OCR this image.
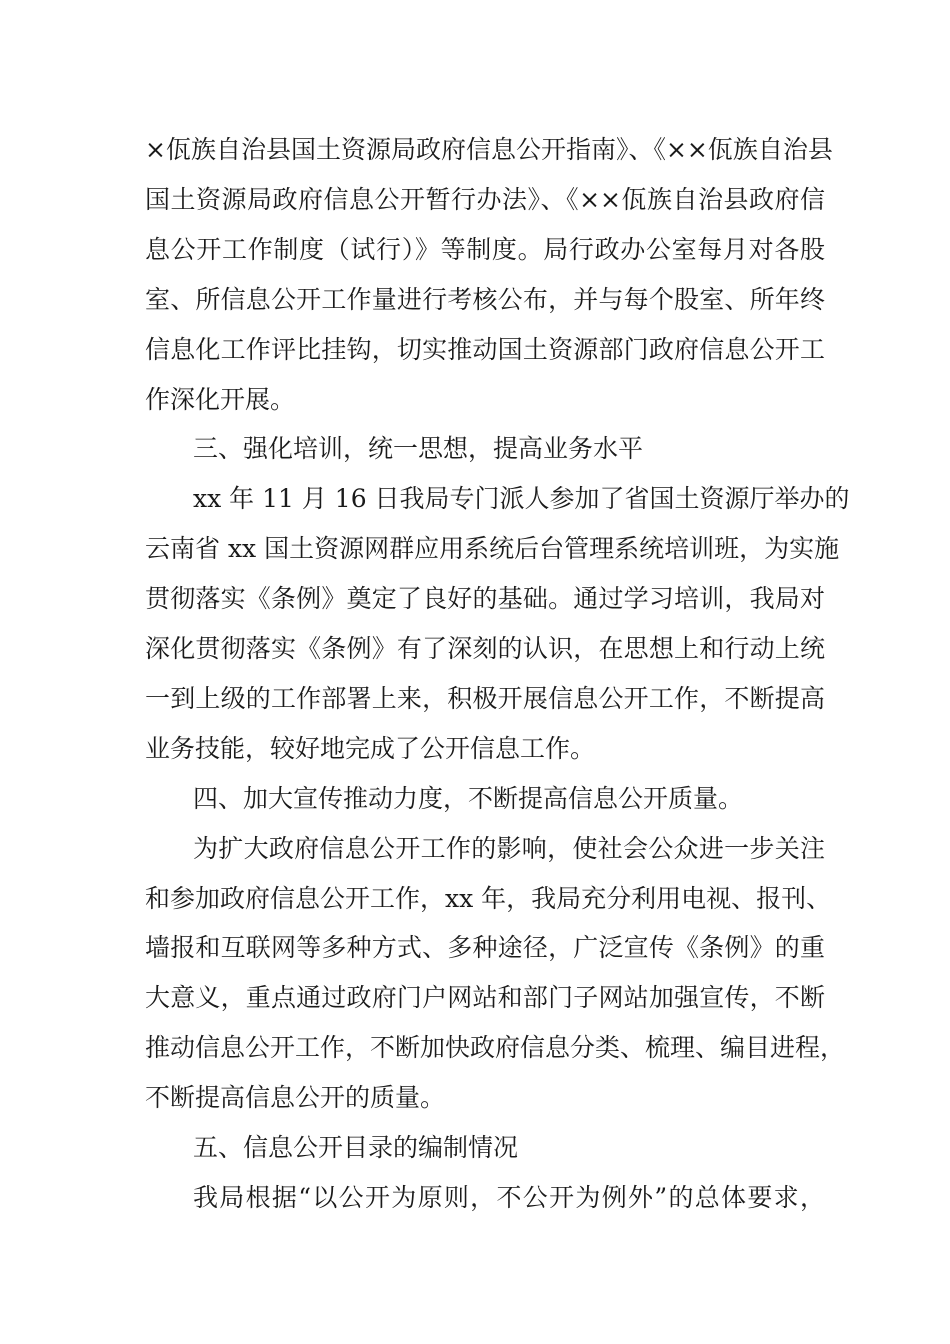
×佤族自治县国土资源局政府信息公开指南》、《××佤族自治县
国土资源局政府信息公开暂行办法》、《××佤族自治县政府信
息公开工作制度（试行）》等制度。局行政办公室每月对各股
室、所信息公开工作量进行考核公布，并与每个股室、所年终
信息化工作评比挂钩，切实推动国土资源部门政府信息公开工
作深化开展。
三、强化培训，统一思想，提高业务水平
xx 年 11 月 16 日我局专门派人参加了省国土资源厅举办的
云南省 xx 国土资源网群应用系统后台管理系统培训班，为实施
贯彻落实《条例》奠定了良好的基础。通过学习培训，我局对
深化贯彻落实《条例》有了深刻的认识，在思想上和行动上统
一到上级的工作部署上来，积极开展信息公开工作，不断提高
业务技能，较好地完成了公开信息工作。
四、加大宣传推动力度，不断提高信息公开质量。
为扩大政府信息公开工作的影响，使社会公众进一步关注
和参加政府信息公开工作，xx 年，我局充分利用电视、报刊、
墙报和互联网等多种方式、多种途径，广泛宣传《条例》的重
大意义，重点通过政府门户网站和部门子网站加强宣传，不断
推动信息公开工作，不断加快政府信息分类、梳理、编目进程，
不断提高信息公开的质量。
五、信息公开目录的编制情况
我局根据“以公开为原则，不公开为例外”的总体要求，
